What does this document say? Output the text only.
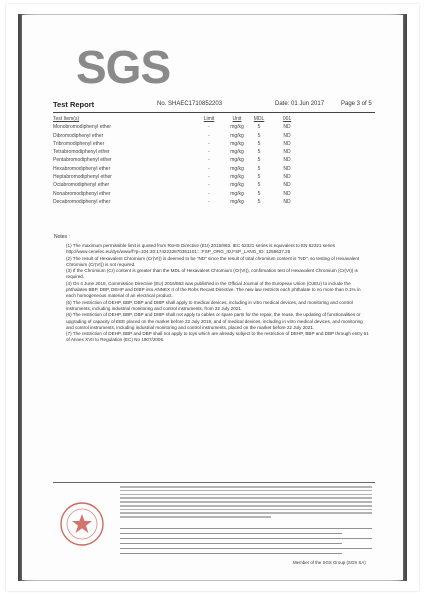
SGS
Test Report	No. SHAEC1710852203	Date: 01 Jun 2017	Page 3 of 5
Test Item(s)	Limit	Unit	MDL	001
Monobromodiphenyl ether	-	mg/kg	5	ND
Dibromodiphenyl ether	-	mg/kg	5	ND
Tribromodiphenyl ether	-	mg/kg	5	ND
Tetrabromodiphenyl ether	-	mg/kg	5	ND
Pentabromodiphenyl ether	-	mg/kg	5	ND
Hexabromodiphenyl ether	-	mg/kg	5	ND
Heptabromodiphenyl ether	-	mg/kg	5	ND
Octabromodiphenyl ether	-	mg/kg	5	ND
Nonabromodiphenyl ether	-	mg/kg	5	ND
Decabromodiphenyl ether	-	mg/kg	5	ND
Notes :

(1) The maximum permissible limit is quoted from RoHS Directive (EU) 2015/863. IEC 62321 series is equivalent to EN 62321 series http://www.cenelec.eu/dyn/www/f?p=104:30:1742232870351101::::FSP_ORG_ID,FSP_LANG_ID: 1258637,25

(2) The result of Hexavalent Chromium (Cr(VI)) is deemed to be "ND" since the result of total chromium content is "ND", so testing of Hexavalent Chromium (Cr(VI)) is not required.

(3) If the Chromium (Cr) content is greater than the MDL of Hexavalent Chromium (Cr(VI)), confirmation test of Hexavalent Chromium (Cr(VI)) is required.

(4) On 4 June 2015, Commission Directive (EU) 2015/863 was published in the Official Journal of the European Union (OJEU) to include the phthalates BBP, DBP, DEHP and DIBP into ANNEX II of the Rohs Recast Directive. The new law restricts each phthalate to no more than 0.1% in each homogeneous material of an electrical product.

(5) The restriction of DEHP, BBP, DBP and DIBP shall apply to medical devices, including in vitro medical devices, and monitoring and control instruments, including industrial monitoring and control instruments, from 22 July 2021.

(6) The restriction of DEHP, BBP, DBP and DIBP shall not apply to cables or spare parts for the repair, the reuse, the updating of functionalities or upgrading of capacity of EEE placed on the market before 22 July 2019, and of medical devices, including in vitro medical devices, and monitoring and control instruments, including industrial monitoring and control instruments, placed on the market before 22 July 2021.

(7) The restriction of DEHP, BBP and DBP shall not apply to toys which are already subject to the restriction of DEHP, BBP and DBP through entry 51 of Annex XVII to Regulation (EC) No 1907/2006.

Member of the SGS Group (SGS SA)
